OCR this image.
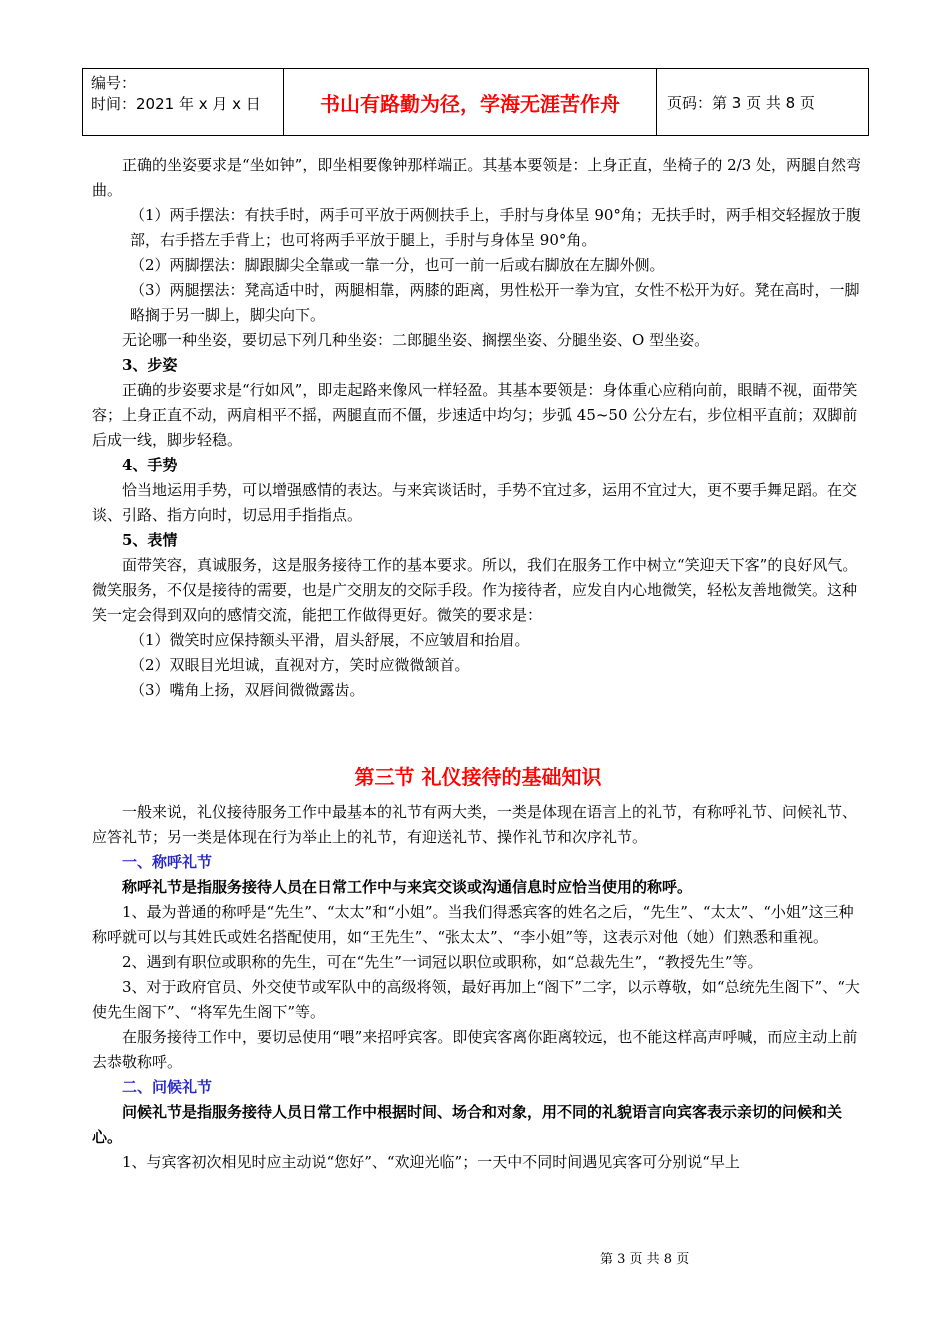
编号：
时间：2021 年 x 月 x 日	书山有路勤为径，学海无涯苦作舟	页码：第 3 页 共 8 页

正确的坐姿要求是“坐如钟”，即坐相要像钟那样端正。其基本要领是：上身正直，坐椅子的 2/3 处，两腿自然弯曲。

（1）两手摆法：有扶手时，两手可平放于两侧扶手上，手肘与身体呈 90°角；无扶手时，两手相交轻握放于腹部，右手搭左手背上；也可将两手平放于腿上，手肘与身体呈 90°角。

（2）两脚摆法：脚跟脚尖全靠或一靠一分，也可一前一后或右脚放在左脚外侧。

（3）两腿摆法：凳高适中时，两腿相靠，两膝的距离，男性松开一拳为宜，女性不松开为好。凳在高时，一脚略搁于另一脚上，脚尖向下。

无论哪一种坐姿，要切忌下列几种坐姿：二郎腿坐姿、搁摆坐姿、分腿坐姿、O 型坐姿。

3、步姿

正确的步姿要求是“行如风”，即走起路来像风一样轻盈。其基本要领是：身体重心应稍向前，眼睛不视，面带笑容；上身正直不动，两肩相平不摇，两腿直而不僵，步速适中均匀；步弧 45~50 公分左右，步位相平直前；双脚前后成一线，脚步轻稳。

4、手势

恰当地运用手势，可以增强感情的表达。与来宾谈话时，手势不宜过多，运用不宜过大，更不要手舞足蹈。在交谈、引路、指方向时，切忌用手指指点。

5、表情

面带笑容，真诚服务，这是服务接待工作的基本要求。所以，我们在服务工作中树立“笑迎天下客”的良好风气。微笑服务，不仅是接待的需要，也是广交朋友的交际手段。作为接待者，应发自内心地微笑，轻松友善地微笑。这种笑一定会得到双向的感情交流，能把工作做得更好。微笑的要求是：

（1）微笑时应保持额头平滑，眉头舒展，不应皱眉和抬眉。

（2）双眼目光坦诚，直视对方，笑时应微微颔首。

（3）嘴角上扬，双唇间微微露齿。

第三节 礼仪接待的基础知识

一般来说，礼仪接待服务工作中最基本的礼节有两大类，一类是体现在语言上的礼节，有称呼礼节、问候礼节、应答礼节；另一类是体现在行为举止上的礼节，有迎送礼节、操作礼节和次序礼节。

一、称呼礼节

称呼礼节是指服务接待人员在日常工作中与来宾交谈或沟通信息时应恰当使用的称呼。

1、最为普通的称呼是“先生”、“太太”和“小姐”。当我们得悉宾客的姓名之后，“先生”、“太太”、“小姐”这三种称呼就可以与其姓氏或姓名搭配使用，如“王先生”、“张太太”、“李小姐”等，这表示对他（她）们熟悉和重视。

2、遇到有职位或职称的先生，可在“先生”一词冠以职位或职称，如“总裁先生”，“教授先生”等。

3、对于政府官员、外交使节或军队中的高级将领，最好再加上“阁下”二字，以示尊敬，如“总统先生阁下”、“大使先生阁下”、“将军先生阁下”等。

在服务接待工作中，要切忌使用“喂”来招呼宾客。即使宾客离你距离较远，也不能这样高声呼喊，而应主动上前去恭敬称呼。

二、问候礼节

问候礼节是指服务接待人员日常工作中根据时间、场合和对象，用不同的礼貌语言向宾客表示亲切的问候和关心。

1、与宾客初次相见时应主动说“您好”、“欢迎光临”；一天中不同时间遇见宾客可分别说“早上

第 3 页 共 8 页
